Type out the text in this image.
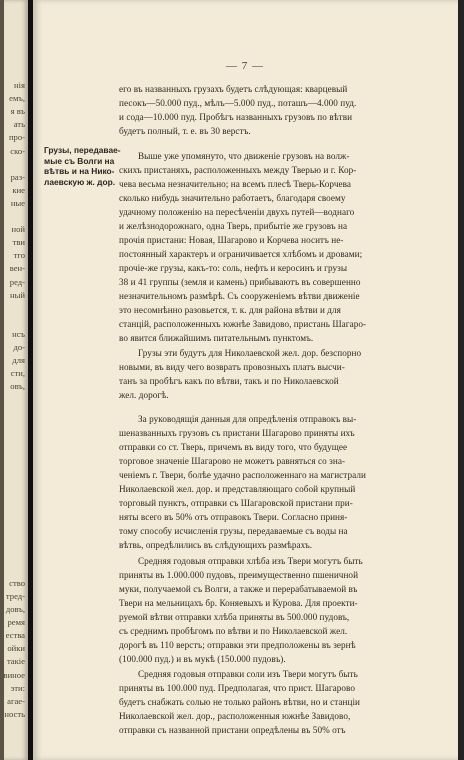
нія
емъ,
я въ
ать
про-
ско-
раз-
кие
ные
ной
тви
тго
вен-
ред-
ный
нсъ
до-
для
сти,
овъ,
ство
тред-
довъ,
ремя
ества
ойки
такіе
виное
эти:
агае-
ность
— 7 —
Грузы, передавае-
мые съ Волги на
вѣтвь и на Нико-
лаевскую ж. дор.
его въ названныхъ грузахъ будетъ слѣдующая: кварцевый
песокъ—50.000 пуд., мѣлъ—5.000 пуд., поташъ—4.000 пуд.
и сода—10.000 пуд. Пробѣгъ названныхъ грузовъ по вѣтви
будетъ полный, т. е. въ 30 верстъ.
Выше уже упомянуто, что движеніе грузовъ на волж-
скихъ пристаняхъ, расположенныхъ между Тверью и г. Кор-
чева весьма незначительно; на всемъ плесѣ Тверь-Корчева
сколько нибудь значительно работаетъ, благодаря своему
удачному положенію на пересѣченіи двухъ путей—воднаго
и желѣзнодорожнаго, одна Тверь, прибытіе же грузовъ на
прочія пристани: Новая, Шагарово и Корчева носитъ не-
постоянный характеръ и ограничивается хлѣбомъ и дровами;
прочіе-же грузы, какъ-то: соль, нефть и керосинъ и грузы
38 и 41 группы (земля и камень) прибываютъ въ совершенно
незначительномъ размѣрѣ. Съ сооруженіемъ вѣтви движеніе
это несомнѣнно разовьется, т. к. для района вѣтви и для
станцій, расположенныхъ южнѣе Завидово, пристань Шагаро-
во явится ближайшимъ питательнымъ пунктомъ.
Грузы эти будутъ для Николаевской жел. дор. безспорно
новыми, въ виду чего возвратъ провозныхъ платъ высчи-
танъ за пробѣгъ какъ по вѣтви, такъ и по Николаевской
жел. дорогѣ.
За руководящія данныя для опредѣленія отправокъ вы-
шеназванныхъ грузовъ съ пристани Шагарово приняты ихъ
отправки со ст. Тверь, причемъ въ виду того, что будущее
торговое значеніе Шагарово не можетъ равняться со зна-
ченіемъ г. Твери, болѣе удачно расположеннаго на магистрали
Николаевской жел. дор. и представляющаго собой крупный
торговый пунктъ, отправки съ Шагаровской пристани при-
няты всего въ 50% отъ отправокъ Твери. Согласно приня-
тому способу исчисленія грузы, передаваемые съ воды на
вѣтвь, опредѣлились въ слѣдующихъ размѣрахъ.
Средняя годовыя отправки хлѣба изъ Твери могутъ быть
приняты въ 1.000.000 пудовъ, преимущественно пшеничной
муки, получаемой съ Волги, а также и перерабатываемой въ
Твери на мельницахъ бр. Коняевыхъ и Курова. Для проекти-
руемой вѣтви отправки хлѣба приняты въ 500.000 пудовъ,
съ среднимъ пробѣгомъ по вѣтви и по Николаевской жел.
дорогѣ въ 110 верстъ; отправки эти предположены въ зернѣ
(100.000 пуд.) и въ мукѣ (150.000 пудовъ).
Средняя годовыя отправки соли изъ Твери могутъ быть
приняты въ 100.000 пуд. Предполагая, что прист. Шагарово
будетъ снабжать солью не только районъ вѣтви, но и станціи
Николаевской жел. дор., расположенныя южнѣе Завидово,
отправки съ названной пристани опредѣлены въ 50% отъ
